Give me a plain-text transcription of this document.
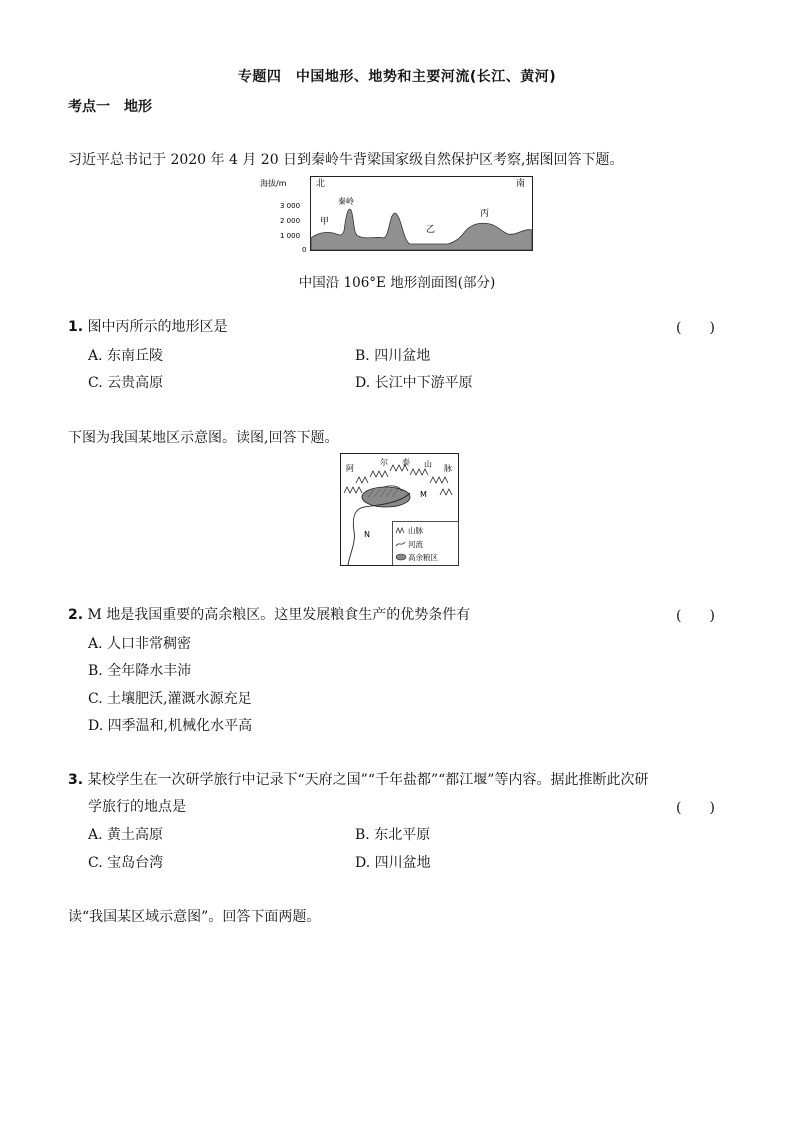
专题四　中国地形、地势和主要河流(长江、黄河)
考点一　地形
习近平总书记于 2020 年 4 月 20 日到秦岭牛背梁国家级自然保护区考察,据图回答下题。
海拔/m	北	南
3 000
2 000
1 000
0
甲
秦岭
乙
丙
中国沿 106°E 地形剖面图(部分)
1. 图中丙所示的地形区是	(　　)
A. 东南丘陵	B. 四川盆地
C. 云贵高原	D. 长江中下游平原
下图为我国某地区示意图。读图,回答下题。
阿
尔 泰 山 脉
M
N	山脉
河流
高余粮区
2. M 地是我国重要的高余粮区。这里发展粮食生产的优势条件有	(　　)
A. 人口非常稠密
B. 全年降水丰沛
C. 土壤肥沃,灌溉水源充足
D. 四季温和,机械化水平高
3. 某校学生在一次研学旅行中记录下“天府之国”“千年盐都”“都江堰”等内容。据此推断此次研
学旅行的地点是	(　　)
A. 黄土高原	B. 东北平原
C. 宝岛台湾	D. 四川盆地
读“我国某区域示意图”。回答下面两题。
